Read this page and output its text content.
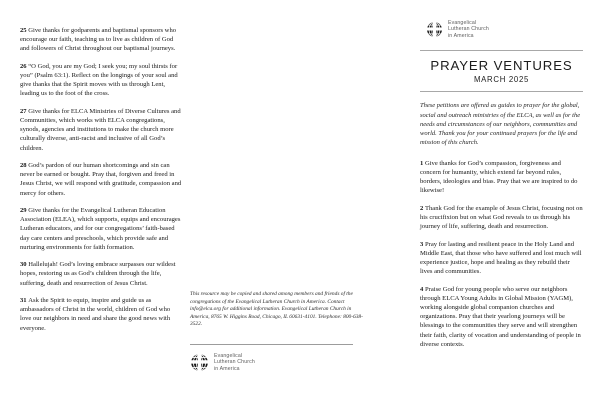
25 Give thanks for godparents and baptismal sponsors who encourage our faith, teaching us to live as children of God and followers of Christ throughout our baptismal journeys.

26 “O God, you are my God; I seek you; my soul thirsts for you” (Psalm 63:1). Reflect on the longings of your soul and give thanks that the Spirit moves with us through Lent, leading us to the foot of the cross.

27 Give thanks for ELCA Ministries of Diverse Cultures and Communities, which works with ELCA congregations, synods, agencies and institutions to make the church more culturally diverse, anti-racist and inclusive of all God’s children.

28 God’s pardon of our human shortcomings and sin can never be earned or bought. Pray that, forgiven and freed in Jesus Christ, we will respond with gratitude, compassion and mercy for others.

29 Give thanks for the Evangelical Lutheran Education Association (ELEA), which supports, equips and encourages Lutheran educators, and for our congregations’ faith-based day care centers and preschools, which provide safe and nurturing environments for faith formation.

30 Hallelujah! God’s loving embrace surpasses our wildest hopes, restoring us as God’s children through the life, suffering, death and resurrection of Jesus Christ.

31 Ask the Spirit to equip, inspire and guide us as ambassadors of Christ in the world, children of God who love our neighbors in need and share the good news with everyone.

This resource may be copied and shared among members and friends of the congregations of the Evangelical Lutheran Church in America. Contact info@elca.org for additional information. Evangelical Lutheran Church in America, 8765 W. Higgins Road, Chicago, IL 60631-4101. Telephone: 800-638-3522.

Evangelical
Lutheran Church
in America
Evangelical
Lutheran Church
in America
PRAYER VENTURES
MARCH 2025

These petitions are offered as guides to prayer for the global, social and outreach ministries of the ELCA, as well as for the needs and circumstances of our neighbors, communities and world. Thank you for your continued prayers for the life and mission of this church.

1 Give thanks for God’s compassion, forgiveness and concern for humanity, which extend far beyond rules, borders, ideologies and bias. Pray that we are inspired to do likewise!

2 Thank God for the example of Jesus Christ, focusing not on his crucifixion but on what God reveals to us through his journey of life, suffering, death and resurrection.

3 Pray for lasting and resilient peace in the Holy Land and Middle East, that those who have suffered and lost much will experience justice, hope and healing as they rebuild their lives and communities.

4 Praise God for young people who serve our neighbors through ELCA Young Adults in Global Mission (YAGM), working alongside global companion churches and organizations. Pray that their yearlong journeys will be blessings to the communities they serve and will strengthen their faith, clarity of vocation and understanding of people in diverse contexts.
